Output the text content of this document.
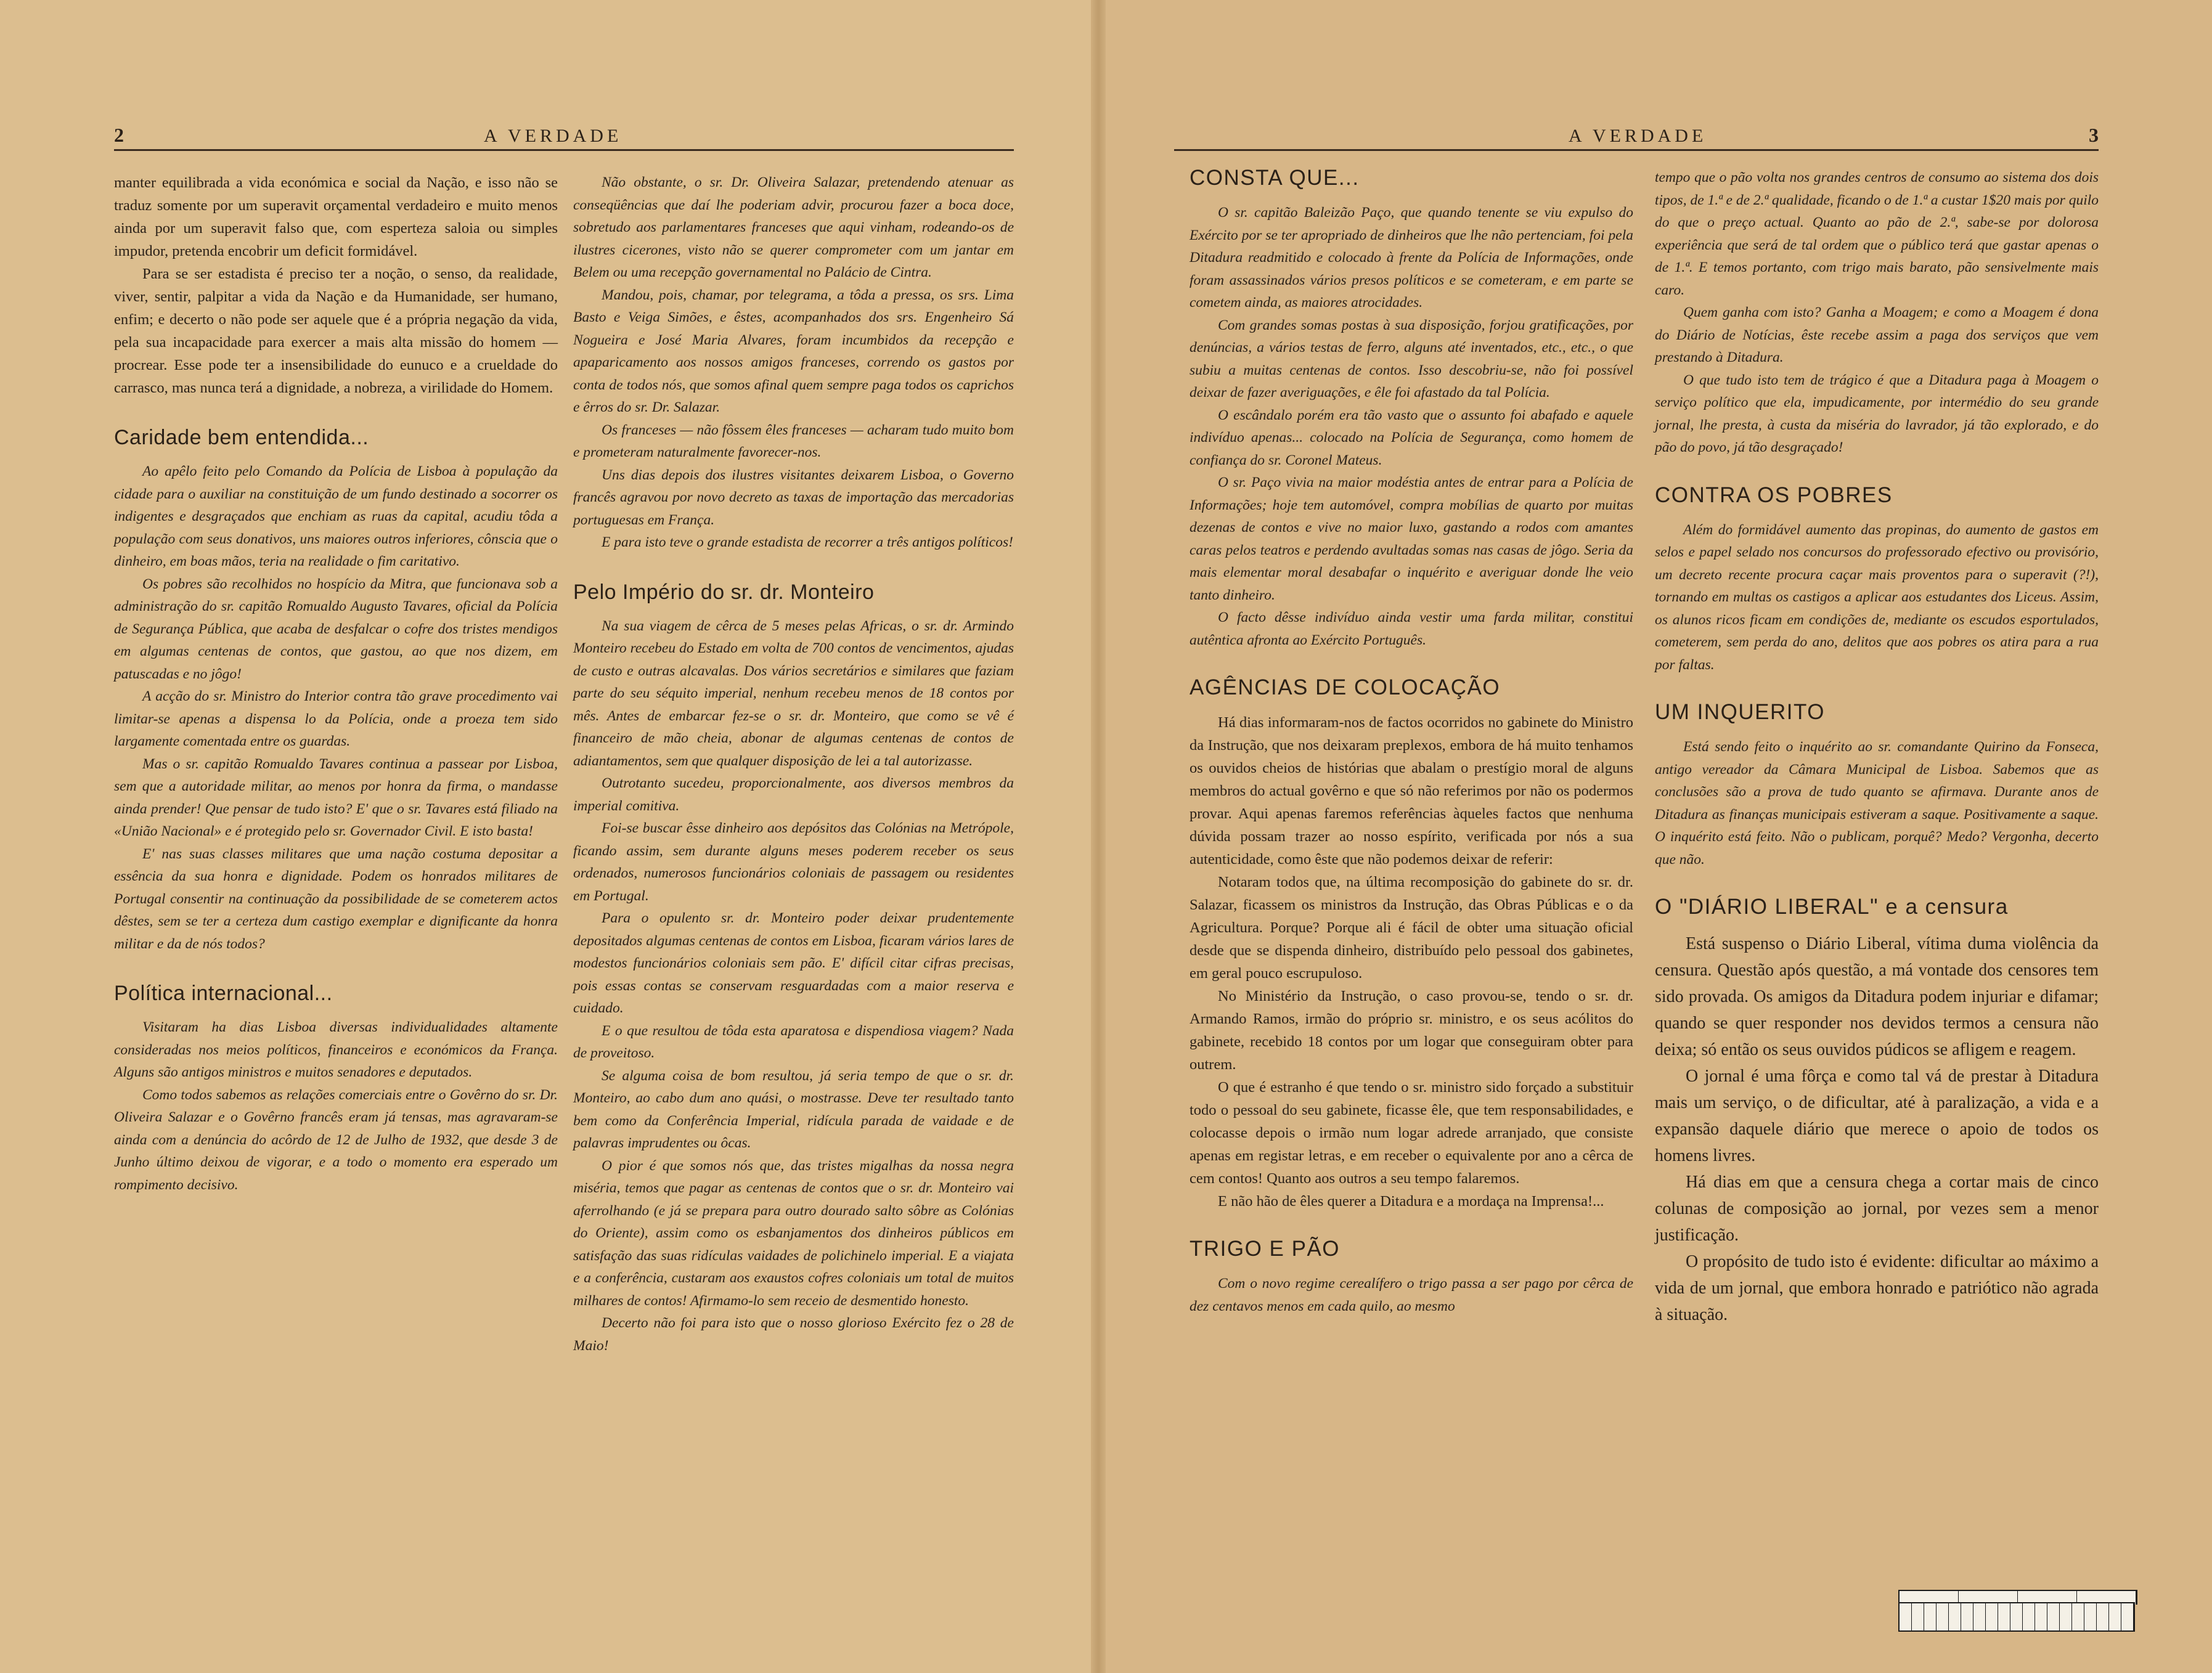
2	A VERDADE	A VERDADE	3

manter equilibrada a vida económica e social da Nação, e isso não se traduz somente por um superavit orçamental verdadeiro e muito menos ainda por um superavit falso que, com esperteza saloia ou simples impudor, pretenda encobrir um deficit formidável.

Para se ser estadista é preciso ter a noção, o senso, da realidade, viver, sentir, palpitar a vida da Nação e da Humanidade, ser humano, enfim; e decerto o não pode ser aquele que é a própria negação da vida, pela sua incapacidade para exercer a mais alta missão do homem — procrear. Esse pode ter a insensibilidade do eunuco e a crueldade do carrasco, mas nunca terá a dignidade, a nobreza, a virilidade do Homem.

Caridade bem entendida...

Ao apêlo feito pelo Comando da Polícia de Lisboa à população da cidade para o auxiliar na constituição de um fundo destinado a socorrer os indigentes e desgraçados que enchiam as ruas da capital, acudiu tôda a população com seus donativos, uns maiores outros inferiores, cônscia que o dinheiro, em boas mãos, teria na realidade o fim caritativo.

Os pobres são recolhidos no hospício da Mitra, que funcionava sob a administração do sr. capitão Romualdo Augusto Tavares, oficial da Polícia de Segurança Pública, que acaba de desfalcar o cofre dos tristes mendigos em algumas centenas de contos, que gastou, ao que nos dizem, em patuscadas e no jôgo!

A acção do sr. Ministro do Interior contra tão grave procedimento vai limitar-se apenas a dispensa lo da Polícia, onde a proeza tem sido largamente comentada entre os guardas.

Mas o sr. capitão Romualdo Tavares continua a passear por Lisboa, sem que a autoridade militar, ao menos por honra da firma, o mandasse ainda prender! Que pensar de tudo isto? E' que o sr. Tavares está filiado na «União Nacional» e é protegido pelo sr. Governador Civil. E isto basta!

E' nas suas classes militares que uma nação costuma depositar a essência da sua honra e dignidade. Podem os honrados militares de Portugal consentir na continuação da possibilidade de se cometerem actos dêstes, sem se ter a certeza dum castigo exemplar e dignificante da honra militar e da de nós todos?

Política internacional...

Visitaram ha dias Lisboa diversas individualidades altamente consideradas nos meios políticos, financeiros e económicos da França. Alguns são antigos ministros e muitos senadores e deputados.

Como todos sabemos as relações comerciais entre o Govêrno do sr. Dr. Oliveira Salazar e o Govêrno francês eram já tensas, mas agravaram-se ainda com a denúncia do acôrdo de 12 de Julho de 1932, que desde 3 de Junho último deixou de vigorar, e a todo o momento era esperado um rompimento decisivo.

Não obstante, o sr. Dr. Oliveira Salazar, pretendendo atenuar as conseqüências que daí lhe poderiam advir, procurou fazer a boca doce, sobretudo aos parlamentares franceses que aqui vinham, rodeando-os de ilustres cicerones, visto não se querer comprometer com um jantar em Belem ou uma recepção governamental no Palácio de Cintra.

Mandou, pois, chamar, por telegrama, a tôda a pressa, os srs. Lima Basto e Veiga Simões, e êstes, acompanhados dos srs. Engenheiro Sá Nogueira e José Maria Alvares, foram incumbidos da recepção e apaparicamento aos nossos amigos franceses, correndo os gastos por conta de todos nós, que somos afinal quem sempre paga todos os caprichos e êrros do sr. Dr. Salazar.

Os franceses — não fôssem êles franceses — acharam tudo muito bom e prometeram naturalmente favorecer-nos.

Uns dias depois dos ilustres visitantes deixarem Lisboa, o Governo francês agravou por novo decreto as taxas de importação das mercadorias portuguesas em França.

E para isto teve o grande estadista de recorrer a três antigos políticos!

Pelo Império do sr. dr. Monteiro

Na sua viagem de cêrca de 5 meses pelas Africas, o sr. dr. Armindo Monteiro recebeu do Estado em volta de 700 contos de vencimentos, ajudas de custo e outras alcavalas. Dos vários secretários e similares que faziam parte do seu séquito imperial, nenhum recebeu menos de 18 contos por mês. Antes de embarcar fez-se o sr. dr. Monteiro, que como se vê é financeiro de mão cheia, abonar de algumas centenas de contos de adiantamentos, sem que qualquer disposição de lei a tal autorizasse.

Outrotanto sucedeu, proporcionalmente, aos diversos membros da imperial comitiva.

Foi-se buscar êsse dinheiro aos depósitos das Colónias na Metrópole, ficando assim, sem durante alguns meses poderem receber os seus ordenados, numerosos funcionários coloniais de passagem ou residentes em Portugal.

Para o opulento sr. dr. Monteiro poder deixar prudentemente depositados algumas centenas de contos em Lisboa, ficaram vários lares de modestos funcionários coloniais sem pão. E' difícil citar cifras precisas, pois essas contas se conservam resguardadas com a maior reserva e cuidado.

E o que resultou de tôda esta aparatosa e dispendiosa viagem? Nada de proveitoso.

Se alguma coisa de bom resultou, já seria tempo de que o sr. dr. Monteiro, ao cabo dum ano quási, o mostrasse. Deve ter resultado tanto bem como da Conferência Imperial, ridícula parada de vaidade e de palavras imprudentes ou ôcas.

O pior é que somos nós que, das tristes migalhas da nossa negra miséria, temos que pagar as centenas de contos que o sr. dr. Monteiro vai aferrolhando (e já se prepara para outro dourado salto sôbre as Colónias do Oriente), assim como os esbanjamentos dos dinheiros públicos em satisfação das suas ridículas vaidades de polichinelo imperial. E a viajata e a conferência, custaram aos exaustos cofres coloniais um total de muitos milhares de contos! Afirmamo-lo sem receio de desmentido honesto.

Decerto não foi para isto que o nosso glorioso Exército fez o 28 de Maio!

CONSTA QUE...

O sr. capitão Baleizão Paço, que quando tenente se viu expulso do Exército por se ter apropriado de dinheiros que lhe não pertenciam, foi pela Ditadura readmitido e colocado à frente da Polícia de Informações, onde foram assassinados vários presos políticos e se cometeram, e em parte se cometem ainda, as maiores atrocidades.

Com grandes somas postas à sua disposição, forjou gratificações, por denúncias, a vários testas de ferro, alguns até inventados, etc., etc., o que subiu a muitas centenas de contos. Isso descobriu-se, não foi possível deixar de fazer averiguações, e êle foi afastado da tal Polícia.

O escândalo porém era tão vasto que o assunto foi abafado e aquele indivíduo apenas... colocado na Polícia de Segurança, como homem de confiança do sr. Coronel Mateus.

O sr. Paço vivia na maior modéstia antes de entrar para a Polícia de Informações; hoje tem automóvel, compra mobílias de quarto por muitas dezenas de contos e vive no maior luxo, gastando a rodos com amantes caras pelos teatros e perdendo avultadas somas nas casas de jôgo. Seria da mais elementar moral desabafar o inquérito e averiguar donde lhe veio tanto dinheiro.

O facto dêsse indivíduo ainda vestir uma farda militar, constitui autêntica afronta ao Exército Português.

AGÊNCIAS DE COLOCAÇÃO

Há dias informaram-nos de factos ocorridos no gabinete do Ministro da Instrução, que nos deixaram preplexos, embora de há muito tenhamos os ouvidos cheios de histórias que abalam o prestígio moral de alguns membros do actual govêrno e que só não referimos por não os podermos provar. Aqui apenas faremos referências àqueles factos que nenhuma dúvida possam trazer ao nosso espírito, verificada por nós a sua autenticidade, como êste que não podemos deixar de referir:

Notaram todos que, na última recomposição do gabinete do sr. dr. Salazar, ficassem os ministros da Instrução, das Obras Públicas e o da Agricultura. Porque? Porque ali é fácil de obter uma situação oficial desde que se dispenda dinheiro, distribuído pelo pessoal dos gabinetes, em geral pouco escrupuloso.

No Ministério da Instrução, o caso provou-se, tendo o sr. dr. Armando Ramos, irmão do próprio sr. ministro, e os seus acólitos do gabinete, recebido 18 contos por um logar que conseguiram obter para outrem.

O que é estranho é que tendo o sr. ministro sido forçado a substituir todo o pessoal do seu gabinete, ficasse êle, que tem responsabilidades, e colocasse depois o irmão num logar adrede arranjado, que consiste apenas em registar letras, e em receber o equivalente por ano a cêrca de cem contos! Quanto aos outros a seu tempo falaremos.

E não hão de êles querer a Ditadura e a mordaça na Imprensa!...

TRIGO E PÃO

Com o novo regime cerealífero o trigo passa a ser pago por cêrca de dez centavos menos em cada quilo, ao mesmo

tempo que o pão volta nos grandes centros de consumo ao sistema dos dois tipos, de 1.ª e de 2.ª qualidade, ficando o de 1.ª a custar 1$20 mais por quilo do que o preço actual. Quanto ao pão de 2.ª, sabe-se por dolorosa experiência que será de tal ordem que o público terá que gastar apenas o de 1.ª. E temos portanto, com trigo mais barato, pão sensivelmente mais caro.

Quem ganha com isto? Ganha a Moagem; e como a Moagem é dona do Diário de Notícias, êste recebe assim a paga dos serviços que vem prestando à Ditadura.

O que tudo isto tem de trágico é que a Ditadura paga à Moagem o serviço político que ela, impudicamente, por intermédio do seu grande jornal, lhe presta, à custa da miséria do lavrador, já tão explorado, e do pão do povo, já tão desgraçado!

CONTRA OS POBRES

Além do formidável aumento das propinas, do aumento de gastos em selos e papel selado nos concursos do professorado efectivo ou provisório, um decreto recente procura caçar mais proventos para o superavit (?!), tornando em multas os castigos a aplicar aos estudantes dos Liceus. Assim, os alunos ricos ficam em condições de, mediante os escudos esportulados, cometerem, sem perda do ano, delitos que aos pobres os atira para a rua por faltas.

UM INQUERITO

Está sendo feito o inquérito ao sr. comandante Quirino da Fonseca, antigo vereador da Câmara Municipal de Lisboa. Sabemos que as conclusões são a prova de tudo quanto se afirmava. Durante anos de Ditadura as finanças municipais estiveram a saque. Positivamente a saque. O inquérito está feito. Não o publicam, porquê? Medo? Vergonha, decerto que não.

O "DIÁRIO LIBERAL" e a censura

Está suspenso o Diário Liberal, vítima duma violência da censura. Questão após questão, a má vontade dos censores tem sido provada. Os amigos da Ditadura podem injuriar e difamar; quando se quer responder nos devidos termos a censura não deixa; só então os seus ouvidos púdicos se afligem e reagem.

O jornal é uma fôrça e como tal vá de prestar à Ditadura mais um serviço, o de dificultar, até à paralização, a vida e a expansão daquele diário que merece o apoio de todos os homens livres.

Há dias em que a censura chega a cortar mais de cinco colunas de composição ao jornal, por vezes sem a menor justificação.

O propósito de tudo isto é evidente: dificultar ao máximo a vida de um jornal, que embora honrado e patriótico não agrada à situação.
